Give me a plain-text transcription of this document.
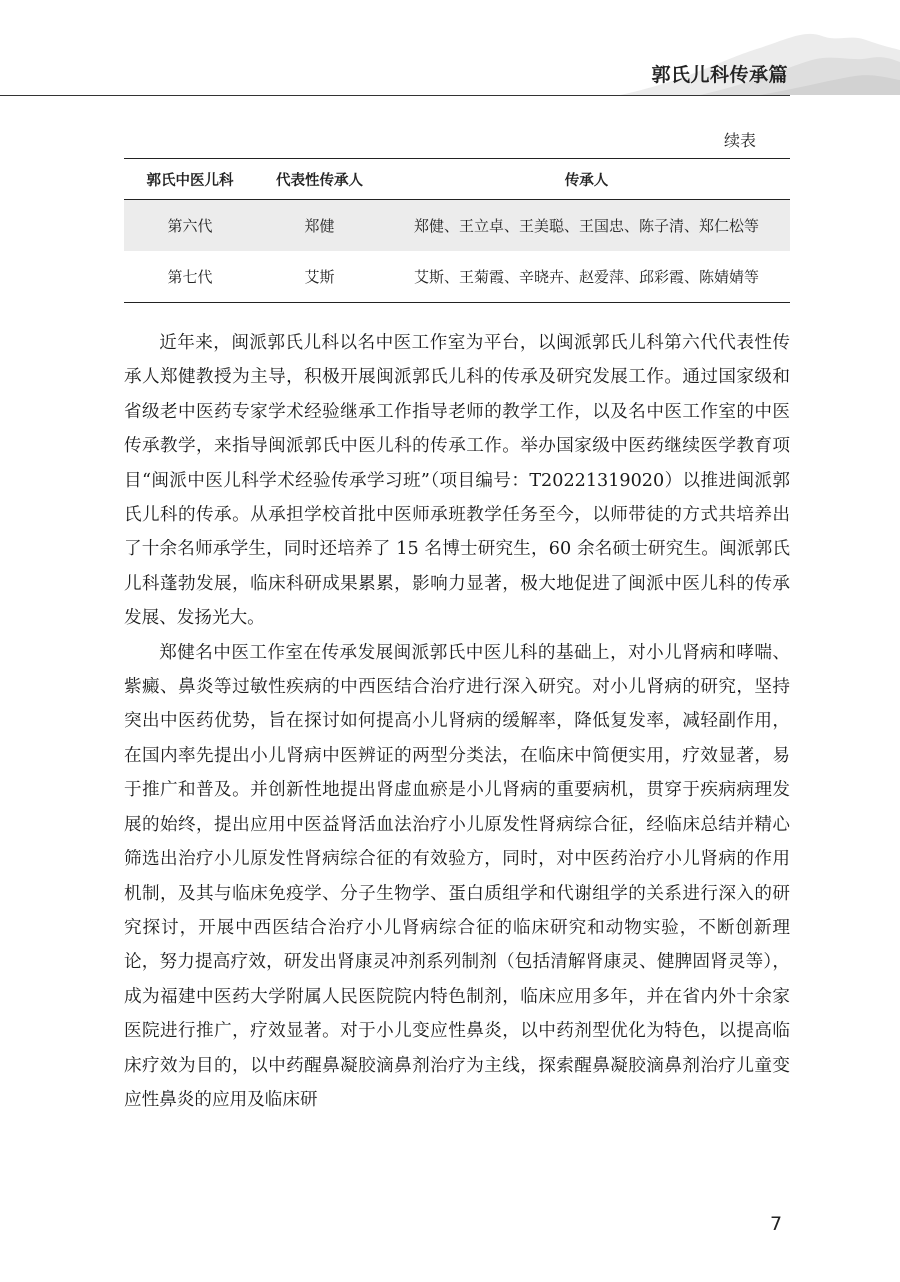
郭氏儿科传承篇
续表
郭氏中医儿科	代表性传承人	传承人
第六代	郑健	郑健、王立卓、王美聪、王国忠、陈子清、郑仁松等
第七代	艾斯	艾斯、王菊霞、辛晓卉、赵爱萍、邱彩霞、陈婧婧等

近年来，闽派郭氏儿科以名中医工作室为平台，以闽派郭氏儿科第六代代表性传承人郑健教授为主导，积极开展闽派郭氏儿科的传承及研究发展工作。通过国家级和省级老中医药专家学术经验继承工作指导老师的教学工作，以及名中医工作室的中医传承教学，来指导闽派郭氏中医儿科的传承工作。举办国家级中医药继续医学教育项目“闽派中医儿科学术经验传承学习班”（项目编号：T20221319020）以推进闽派郭氏儿科的传承。从承担学校首批中医师承班教学任务至今，以师带徒的方式共培养出了十余名师承学生，同时还培养了 15 名博士研究生，60 余名硕士研究生。闽派郭氏儿科蓬勃发展，临床科研成果累累，影响力显著，极大地促进了闽派中医儿科的传承发展、发扬光大。

郑健名中医工作室在传承发展闽派郭氏中医儿科的基础上，对小儿肾病和哮喘、紫癜、鼻炎等过敏性疾病的中西医结合治疗进行深入研究。对小儿肾病的研究，坚持突出中医药优势，旨在探讨如何提高小儿肾病的缓解率，降低复发率，减轻副作用，在国内率先提出小儿肾病中医辨证的两型分类法，在临床中简便实用，疗效显著，易于推广和普及。并创新性地提出肾虚血瘀是小儿肾病的重要病机，贯穿于疾病病理发展的始终，提出应用中医益肾活血法治疗小儿原发性肾病综合征，经临床总结并精心筛选出治疗小儿原发性肾病综合征的有效验方，同时，对中医药治疗小儿肾病的作用机制，及其与临床免疫学、分子生物学、蛋白质组学和代谢组学的关系进行深入的研究探讨，开展中西医结合治疗小儿肾病综合征的临床研究和动物实验，不断创新理论，努力提高疗效，研发出肾康灵冲剂系列制剂（包括清解肾康灵、健脾固肾灵等），成为福建中医药大学附属人民医院院内特色制剂，临床应用多年，并在省内外十余家医院进行推广，疗效显著。对于小儿变应性鼻炎，以中药剂型优化为特色，以提高临床疗效为目的，以中药醒鼻凝胶滴鼻剂治疗为主线，探索醒鼻凝胶滴鼻剂治疗儿童变应性鼻炎的应用及临床研

7
